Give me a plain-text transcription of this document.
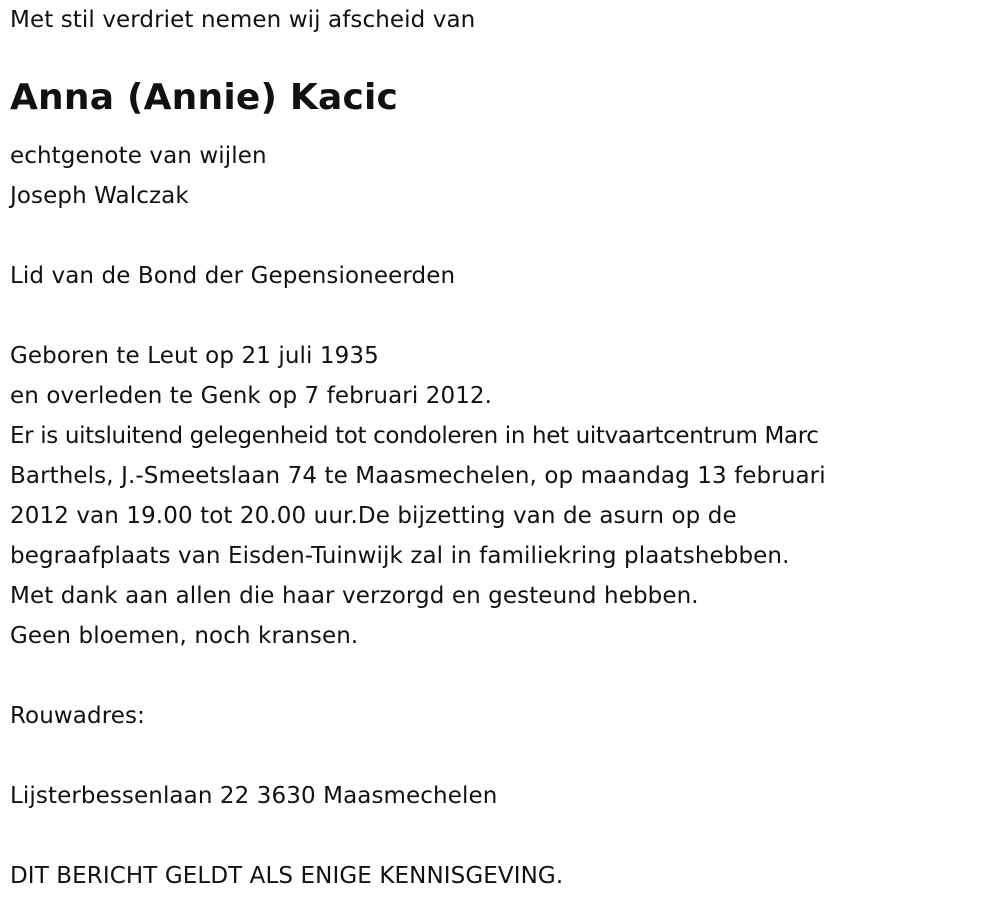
Met stil verdriet nemen wij afscheid van
Anna (Annie) Kacic
echtgenote van wijlen
Joseph Walczak
Lid van de Bond der Gepensioneerden
Geboren te Leut op 21 juli 1935
en overleden te Genk op 7 februari 2012.
Er is uitsluitend gelegenheid tot condoleren in het uitvaartcentrum Marc
Barthels, J.-Smeetslaan 74 te Maasmechelen, op maandag 13 februari
2012 van 19.00 tot 20.00 uur.De bijzetting van de asurn op de
begraafplaats van Eisden-Tuinwijk zal in familiekring plaatshebben.
Met dank aan allen die haar verzorgd en gesteund hebben.
Geen bloemen, noch kransen.
Rouwadres:
Lijsterbessenlaan 22 3630 Maasmechelen
DIT BERICHT GELDT ALS ENIGE KENNISGEVING.
